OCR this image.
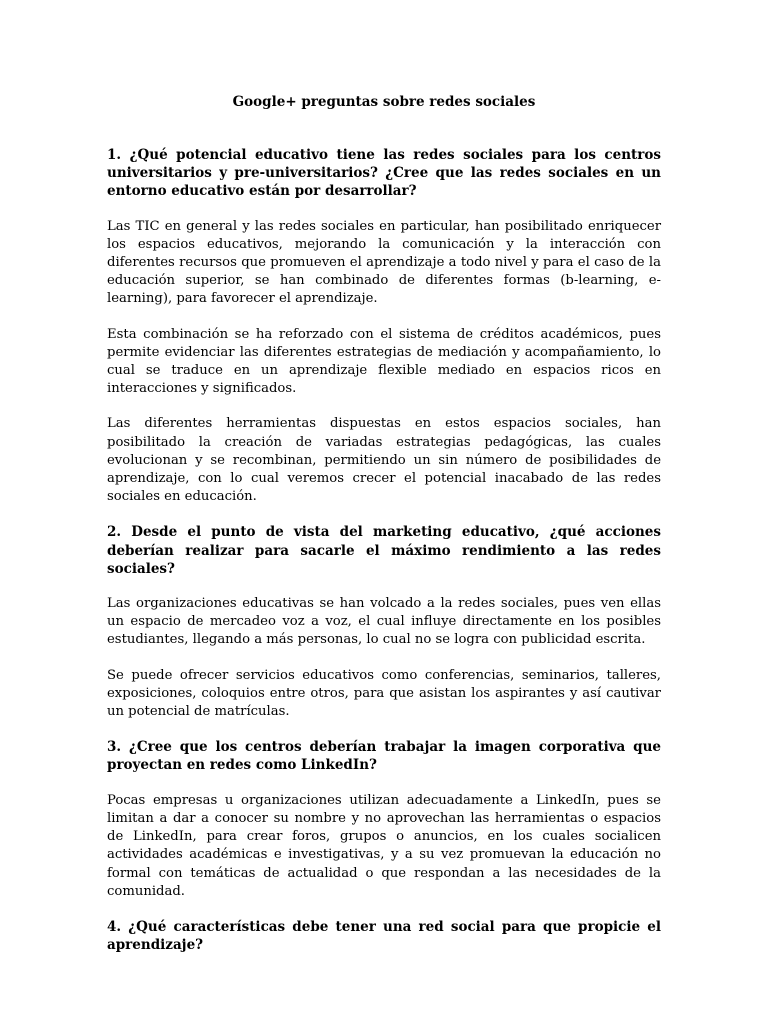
Google+ preguntas sobre redes sociales

1. ¿Qué potencial educativo tiene las redes sociales para los centros universitarios y pre-universitarios? ¿Cree que las redes sociales en un entorno educativo están por desarrollar?

Las TIC en general y las redes sociales en particular, han posibilitado enriquecer los espacios educativos, mejorando la comunicación y la interacción con diferentes recursos que promueven el aprendizaje a todo nivel y para el caso de la educación superior, se han combinado de diferentes formas (b-learning, e-learning), para favorecer el aprendizaje.

Esta combinación se ha reforzado con el sistema de créditos académicos, pues permite evidenciar las diferentes estrategias de mediación y acompañamiento, lo cual se traduce en un aprendizaje flexible mediado en espacios ricos en interacciones y significados.

Las diferentes herramientas dispuestas en estos espacios sociales, han posibilitado la creación de variadas estrategias pedagógicas, las cuales evolucionan y se recombinan, permitiendo un sin número de posibilidades de aprendizaje, con lo cual veremos crecer el potencial inacabado de las redes sociales en educación.

2. Desde el punto de vista del marketing educativo, ¿qué acciones deberían realizar para sacarle el máximo rendimiento a las redes sociales?

Las organizaciones educativas se han volcado a la redes sociales, pues ven ellas un espacio de mercadeo voz a voz, el cual influye directamente en los posibles estudiantes, llegando a más personas, lo cual no se logra con publicidad escrita.

Se puede ofrecer servicios educativos como conferencias, seminarios, talleres, exposiciones, coloquios entre otros, para que asistan los aspirantes y así cautivar un potencial de matrículas.

3. ¿Cree que los centros deberían trabajar la imagen corporativa que proyectan en redes como LinkedIn?

Pocas empresas u organizaciones utilizan adecuadamente a LinkedIn, pues se limitan a dar a conocer su nombre y no aprovechan las herramientas o espacios de LinkedIn, para crear foros, grupos o anuncios, en los cuales socialicen actividades académicas e investigativas, y a su vez promuevan la educación no formal con temáticas de actualidad o que respondan a las necesidades de la comunidad.

4. ¿Qué características debe tener una red social para que propicie el aprendizaje?
